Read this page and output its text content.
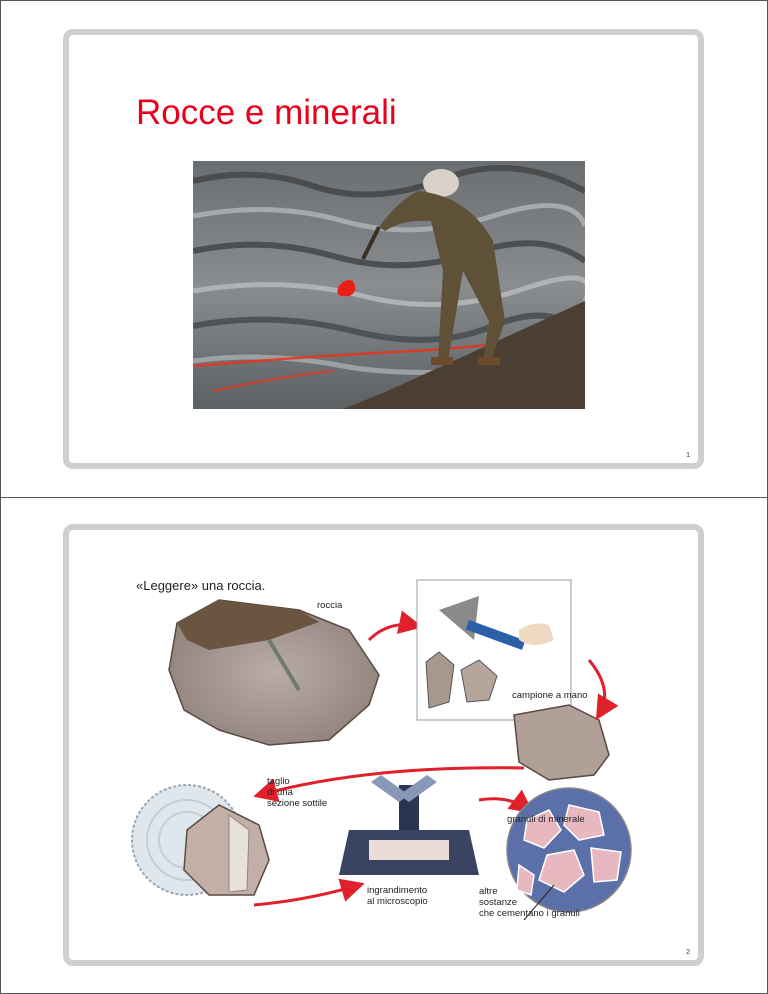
Rocce e minerali
1
«Leggere» una roccia.
roccia
campione a mano
taglio
di una
sezione sottile
granuli di minerale
ingrandimento
al microscopio
altre
sostanze
che cementano i granuli
2
